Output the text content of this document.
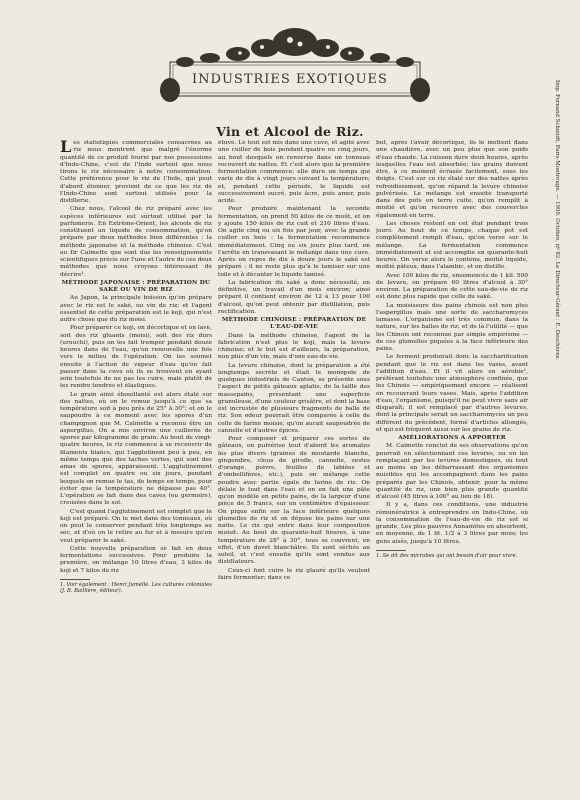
INDUSTRIES EXOTIQUES
Vin et Alcool de Riz.

Les statistiques commerciales consacrées au riz nous montrent que malgré l'énorme quantité de ce produit fourni par nos possessions d'Indo-Chine, c'est de l'Inde surtout que nous tirons le riz nécessaire à notre consommation. Cette préférence pour le riz de l'Inde, qui peut d'abord étonner, provient de ce que les riz de l'Indo-Chine sont surtout utilisés pour la distillerie.

Chez nous, l'alcool de riz préparé avec les espèces inférieures est surtout utilisé par la parfumerie. En Extrême-Orient, les alcools de riz constituent un liquide de consommation, qu'on prépare par deux méthodes bien différentes : la méthode japonaise et la méthode chinoise. C'est au Dr Calmette que sont dus les renseignements scientifiques précis sur l'une et l'autre de ces deux méthodes que nous croyons intéressant de décrire¹.

MÉTHODE JAPONAISE : PRÉPARATION DU SAKÉ OU VIN DE RIZ

Au Japon, la principale boisson qu'on prépare avec le riz est le saké, ou vin de riz; et l'agent essentiel de cette préparation est le koji, qui n'est autre chose que du riz moisi.

Pour préparer ce koji, on décortique et on lave, soit des riz gluants (moisi), soit des riz durs (uruuchi), puis on les fait tremper pendant douze heures dans de l'eau, qu'on renouvelle une fois vers le milieu de l'opération. On les soumet ensuite à l'action de vapeur d'eau qu'on fait passer dans la cuve où ils se trouvent en ayant soin toutefois de ne pas les cuire, mais plutôt de les rendre tendres et élastiques.

Le grain ainsi ébouillanté est alors étalé sur des nattes, où on le remue jusqu'à ce que sa température soit à peu près de 25° à 30°; et on le saupoudre à ce moment avec les spores d'un champignon que M. Calmette a reconnu être un aspergillus. On a mis environ une cuillerée de spores par kilogramme de grain. Au bout de vingt-quatre heures, le riz commence à se recouvrir de filaments blancs, qui l'agglutinent peu à peu, en même temps que des taches vertes, qui sont des amas de spores, apparaissent. L'agglutinement est complet en quatre ou six jours, pendant lesquels on remue le tas, de temps en temps, pour éviter que la température ne dépasse pas 40°. L'opération se fait dans des caves (ou germoirs), creusées dans le sol.

C'est quand l'agglutinement est complet que le koji est préparé. On le met dans des tonneaux, où on peut le conserver pendant très longtemps au sec, et d'où on le retire au fur et à mesure qu'on veut préparer le saké.

Cette nouvelle préparation se fait en deux fermentations successives. Pour produire la première, on mélange 10 litres d'eau, 3 kilos de koji et 7 kilos de riz

1. Voir également : Henri Jumelle. Les cultures coloniales (J. B. Baillière, éditeur).

étuvé. Le tout est mis dans une cuve, et agité avec une cuiller de bois pendant quatre ou cinq jours, au bout desquels on renverse dans un tonneau recouvert de nattes. Et c'est alors que la première fermentation commence; elle dure un temps qui varie de dix à vingt jours suivant la température; et, pendant cette période, le liquide est successivement sucré, puis âcre, puis amer, puis acide.

Pour produire maintenant la seconde fermentation, on prend 50 kilos de ce moût, et on y ajoute 150 kilos de riz cuit et 210 litres d'eau. On agite cinq ou six fois par jour, avec la grande cuiller en bois : la fermentation recommence immédiatement. Cinq ou six jours plus tard, on l'arrête en transvasant le mélange dans une cuve. Après un repos de dix à douze jours le saké est préparé : il ne reste plus qu'à le tamiser sur une toile et à décanter le liquide tamisé.

La fabrication du saké a donc nécessité, en définitive, un travail d'un mois environ; ainsi préparé il contient environ de 12 à 13 pour 100 d'alcool, qu'on peut obtenir par distillation, puis rectification.

MÉTHODE CHINOISE : PRÉPARATION DE L'EAU-DE-VIE

Dans la méthode chinoise, l'agent de la fabrication n'est plus le koji, mais la levure chinoise; et le but est d'ailleurs, la préparation, non plus d'un vin, mais d'une eau-de-vie.

La levure chinoise, dont la préparation a été longtemps secrète et était le monopole de quelques industriels de Canton, se présente sous l'aspect de petits gâteaux aplatis, de la taille des massepains, présentant une superficie granuleuse, d'une couleur grisâtre, et dont la base est incrustée de plusieurs fragments de balle de riz. Son odeur pourrait être comparée à celle de celle de farine moisie, qu'on aurait saupoudrée de cannelle et d'autres épices.

Pour composer et préparer ces sortes de gâteaux, on pulvérise tout d'abord les aromates les plus divers (graines de moutarde blanche, gingembre, clous de girofle, cannelle, zestes d'orange, poivre, feuilles de labiées et d'ombellifères, etc.), puis on mélange cette poudre avec partie égale de farine de riz. On délaie le tout dans l'eau et on en fait une pâte qu'on modèle en petits pains, de la largeur d'une pièce de 5 francs, sur un centimètre d'épaisseur. On pique enfin sur la face inférieure quelques glumelles de riz et on dépose les pains sur une natte. Le riz qui entre dans leur composition moisit. Au bout de quarante-huit heures, à une température de 28° à 30°, tous se couvrent, en effet, d'un duvet blanchâtre. Ils sont séchés au soleil, et c'est ensuite qu'ils sont vendus aux distillateurs.

Ceux-ci font cuire le riz glauré qu'ils veulent faire fermenter; dans ce

but, après l'avoir décortiqué, ils le mettent dans une chaudière, avec un peu plus que son poids d'eau chaude. La cuisson dure deux heures, après lesquelles l'eau est absorbée; les grains doivent être, à ce moment écrasés facilement, sous les doigts. C'est sur ce riz étalé sur des nattes après refroidissement, qu'on répand la levure chinoise pulvérisée. Le mélange est ensuite transporté dans des pots en terre cuite, qu'on remplit à moitié et qu'on recouvre avec des couvercles également en terre.

Les choses restent en cet état pendant trois jours. Au bout de ce temps, chaque pot est complètement rempli d'eau, qu'on verse sur le mélange. La fermentation commence immédiatement et est accomplie en quarante-huit heures. On verse alors le contenu, moitié liquide, moitié pâteux, dans l'alambic, et on distille.

Avec 100 kilos de riz, ensemencés de 1 kil. 500 de levure, on prépare 60 litres d'alcool à 30° environ. La préparation de cette eau-de-vie de riz est donc plus rapide que celle du saké.

La moisissure des pains chinois est non plus l'aspergillus mais une sorte de saccharomyces lamasse. L'organisme est très commun, dans la nature, sur les balles de riz; et de là l'utilité — que les Chinois ont reconnue par simple empirisme — de ces glumelles piquées à la face inférieure des pains.

Le ferment produirait donc la saccharification pendant que le riz est dans les vases, avant l'addition d'eau. Et il vit alors en aérobie¹, préférant toutefois une atmosphère confinée, que les Chinois — empiriquement encore — réalisent en recouvrant leurs vases. Mais, après l'addition d'eau, l'organisme, puisqu'il ne peut vivre sans air disparaît; il est remplacé par d'autres levures, dont la principale serait un saccharomyces un peu différent du précédent, formé d'articles allongés, et qui est fréquent aussi sur les grains de riz.

AMÉLIORATIONS A APPORTER

M. Calmette conclut de ses observations qu'on pourrait en sélectionnant ces levures, ou en les remplaçant par les levures domestiques, ou tout au moins en les débarrassant des organismes nuisibles qui les accompagnent dans les pains préparés par les Chinois, obtenir, pour la même quantité de riz, une bien plus grande quantité d'alcool (45 litres à 100° au lieu de 18).

Il y a, dans ces conditions, une industrie rémunératrice à entreprendre en Indo-Chine, où la consommation de l'eau-de-vie de riz est si grande. Les plus pauvres Annamites en absorbent, en moyenne, de 1 lit. 1/2 à 3 litres par mois; les gens aisés, jusqu'à 10 litres.

1. Se dit des microbes qui ont besoin d'air pour vivre.

Imp. Fernand Schmidt, Paris-Montrouge. — 1909. Octobre, nº 82. Le Directeur-Gérant : E. Deschères.
